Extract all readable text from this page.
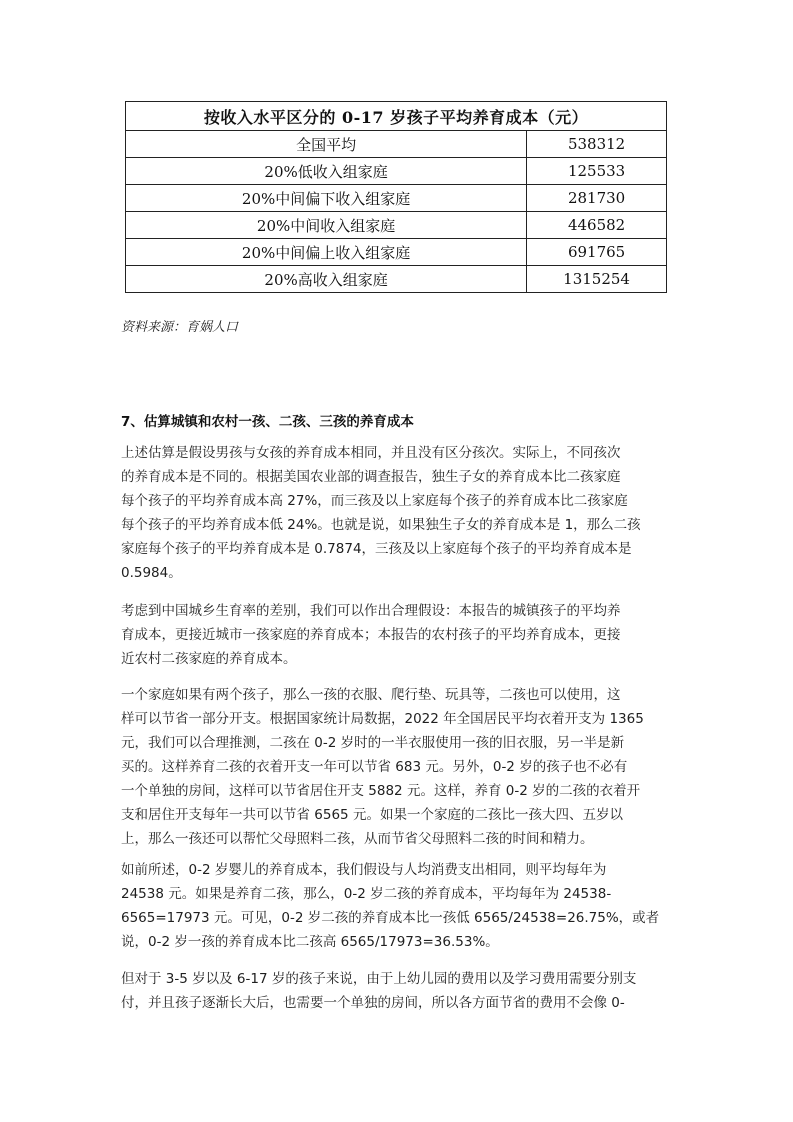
按收入水平区分的 0-17 岁孩子平均养育成本（元）	
全国平均	538312
20%低收入组家庭	125533
20%中间偏下收入组家庭	281730
20%中间收入组家庭	446582
20%中间偏上收入组家庭	691765
20%高收入组家庭	1315254
资料来源：育娲人口
7、估算城镇和农村一孩、二孩、三孩的养育成本
上述估算是假设男孩与女孩的养育成本相同，并且没有区分孩次。实际上，不同孩次
的养育成本是不同的。根据美国农业部的调查报告，独生子女的养育成本比二孩家庭
每个孩子的平均养育成本高 27%，而三孩及以上家庭每个孩子的养育成本比二孩家庭
每个孩子的平均养育成本低 24%。也就是说，如果独生子女的养育成本是 1，那么二孩
家庭每个孩子的平均养育成本是 0.7874，三孩及以上家庭每个孩子的平均养育成本是
0.5984。
考虑到中国城乡生育率的差别，我们可以作出合理假设：本报告的城镇孩子的平均养
育成本，更接近城市一孩家庭的养育成本；本报告的农村孩子的平均养育成本，更接
近农村二孩家庭的养育成本。
一个家庭如果有两个孩子，那么一孩的衣服、爬行垫、玩具等，二孩也可以使用，这
样可以节省一部分开支。根据国家统计局数据，2022 年全国居民平均衣着开支为 1365
元，我们可以合理推测，二孩在 0-2 岁时的一半衣服使用一孩的旧衣服，另一半是新
买的。这样养育二孩的衣着开支一年可以节省 683 元。另外，0-2 岁的孩子也不必有
一个单独的房间，这样可以节省居住开支 5882 元。这样，养育 0-2 岁的二孩的衣着开
支和居住开支每年一共可以节省 6565 元。如果一个家庭的二孩比一孩大四、五岁以
上，那么一孩还可以帮忙父母照料二孩，从而节省父母照料二孩的时间和精力。
如前所述，0-2 岁婴儿的养育成本，我们假设与人均消费支出相同，则平均每年为
24538 元。如果是养育二孩，那么，0-2 岁二孩的养育成本，平均每年为 24538-
6565=17973 元。可见，0-2 岁二孩的养育成本比一孩低 6565/24538=26.75%，或者
说，0-2 岁一孩的养育成本比二孩高 6565/17973=36.53%。
但对于 3-5 岁以及 6-17 岁的孩子来说，由于上幼儿园的费用以及学习费用需要分别支
付，并且孩子逐渐长大后，也需要一个单独的房间，所以各方面节省的费用不会像 0-
